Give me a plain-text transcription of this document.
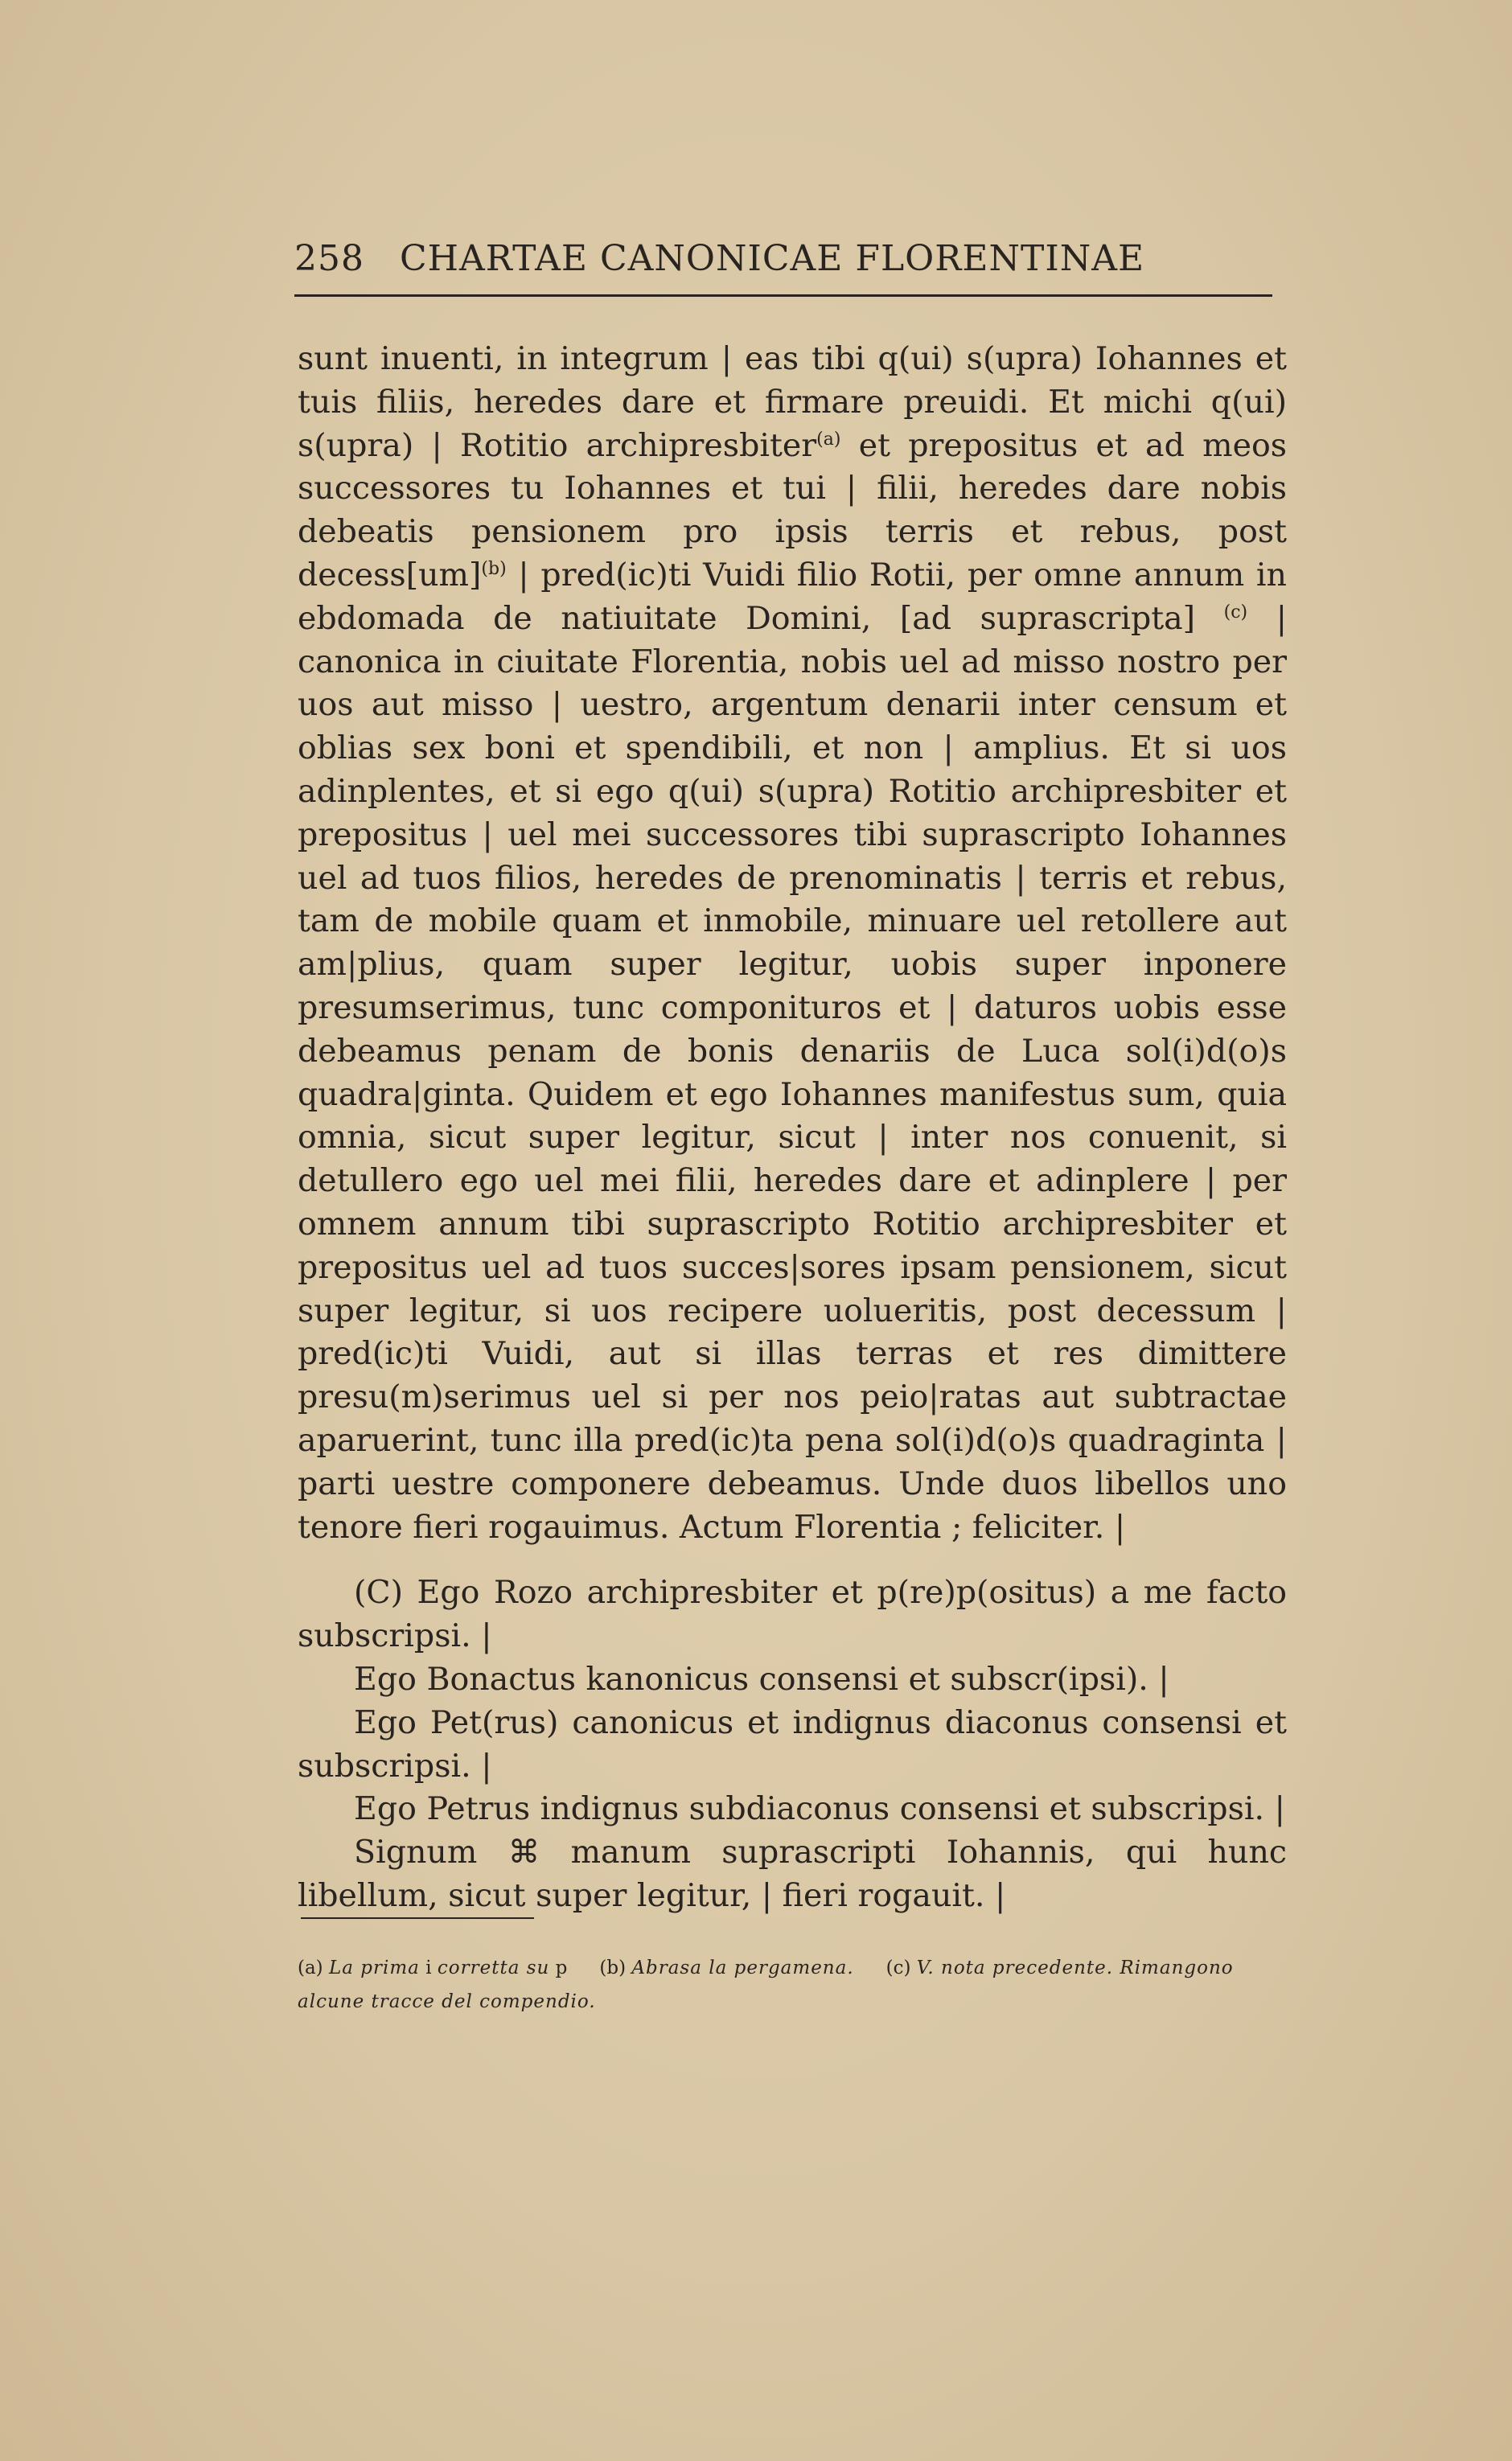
258 CHARTAE CANONICAE FLORENTINAE

sunt inuenti, in integrum | eas tibi q(ui) s(upra) Iohannes et tuis filiis, heredes dare et firmare preuidi. Et michi q(ui) s(upra) | Rotitio archipresbiter$^{(a)}$ et prepositus et ad meos successores tu Iohannes et tui | filii, heredes dare nobis debeatis pensionem pro ipsis terris et rebus, post decess[um]$^{(b)}$ | pred(ic)ti Vuidi filio Rotii, per omne annum in ebdomada de natiuitate Domini, [ad suprascripta] $^{(c)}$ | canonica in ciuitate Florentia, nobis uel ad misso nostro per uos aut misso | uestro, argentum denarii inter censum et oblias sex boni et spendibili, et non | amplius. Et si uos adinplentes, et si ego q(ui) s(upra) Rotitio archipresbiter et prepositus | uel mei successores tibi suprascripto Iohannes uel ad tuos filios, heredes de prenominatis | terris et rebus, tam de mobile quam et inmobile, minuare uel retollere aut am|plius, quam super legitur, uobis super inponere presumserimus, tunc componituros et | daturos uobis esse debeamus penam de bonis denariis de Luca sol(i)d(o)s quadra|ginta. Quidem et ego Iohannes manifestus sum, quia omnia, sicut super legitur, sicut | inter nos conuenit, si detullero ego uel mei filii, heredes dare et adinplere | per omnem annum tibi suprascripto Rotitio archipresbiter et prepositus uel ad tuos succes|sores ipsam pensionem, sicut super legitur, si uos recipere uolueritis, post decessum | pred(ic)ti Vuidi, aut si illas terras et res dimittere presu(m)serimus uel si per nos peio|ratas aut subtractae aparuerint, tunc illa pred(ic)ta pena sol(i)d(o)s quadraginta | parti uestre componere debeamus. Unde duos libellos uno tenore fieri rogauimus. Actum Florentia ; feliciter. |

(C) Ego Rozo archipresbiter et p(re)p(ositus) a me facto subscripsi. |

Ego Bonactus kanonicus consensi et subscr(ipsi). |

Ego Pet(rus) canonicus et indignus diaconus consensi et subscripsi. |

Ego Petrus indignus subdiaconus consensi et subscripsi. |

Signum ⌘ manum suprascripti Iohannis, qui hunc libellum, sicut super legitur, | fieri rogauit. |

(a) La prima i corretta su p (b) Abrasa la pergamena. (c) V. nota precedente. Rimangono alcune tracce del compendio.
